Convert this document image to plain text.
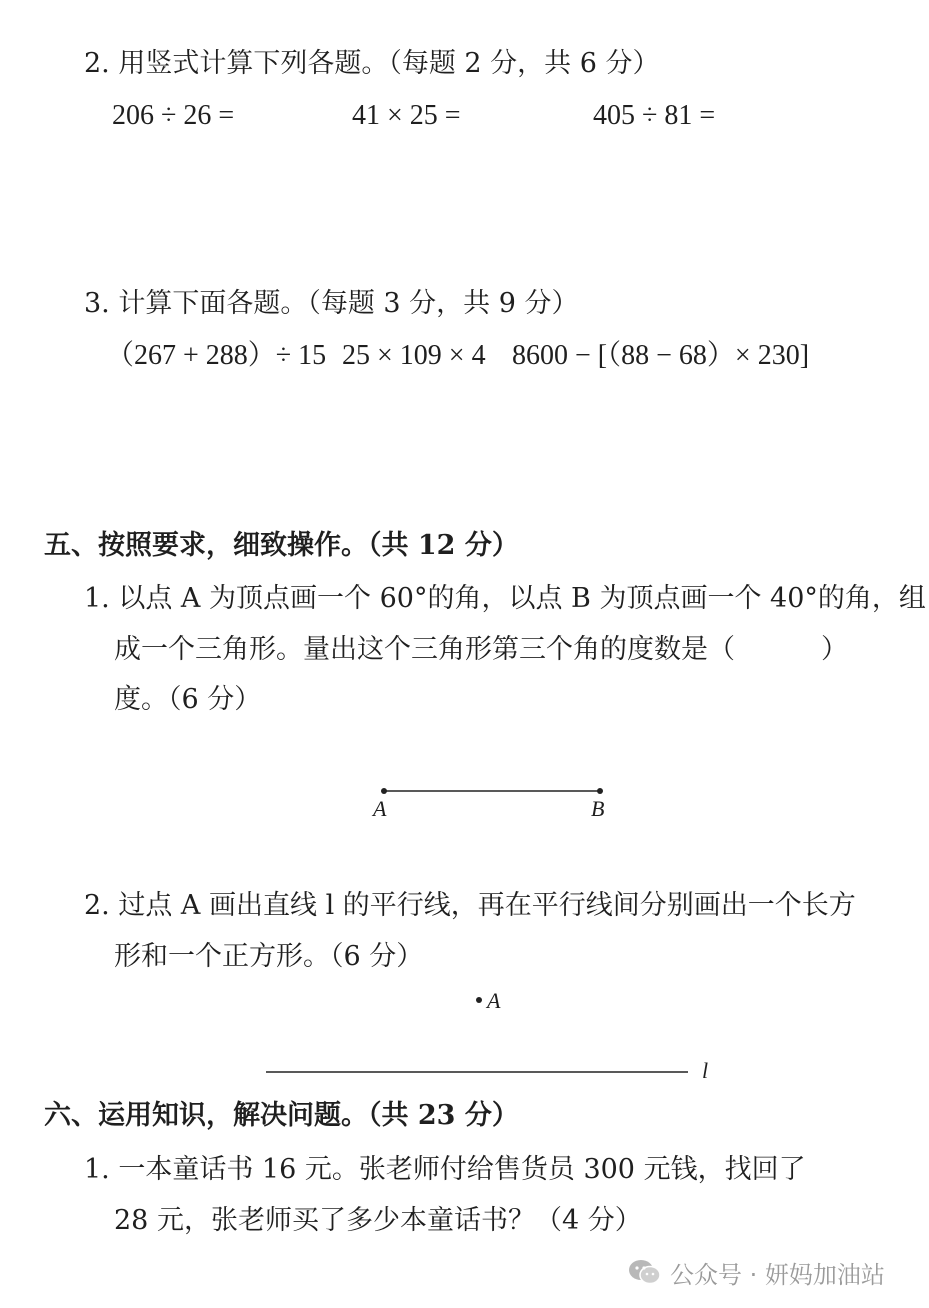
2. 用竖式计算下列各题。（每题 2 分，共 6 分）
206 ÷ 26 =	41 × 25 =	405 ÷ 81 =
3. 计算下面各题。（每题 3 分，共 9 分）
（267 + 288）÷ 15 25 × 109 × 4 8600 − [（88 − 68）× 230]
五、按照要求，细致操作。（共 12 分）
1. 以点 A 为顶点画一个 60°的角，以点 B 为顶点画一个 40°的角，组
成一个三角形。量出这个三角形第三个角的度数是（	）
度。（6 分）
A	B
2. 过点 A 画出直线 l 的平行线，再在平行线间分别画出一个长方
形和一个正方形。（6 分）
A
l
六、运用知识，解决问题。（共 23 分）
1. 一本童话书 16 元。张老师付给售货员 300 元钱，找回了
28 元，张老师买了多少本童话书？（4 分）
公众号 · 妍妈加油站
